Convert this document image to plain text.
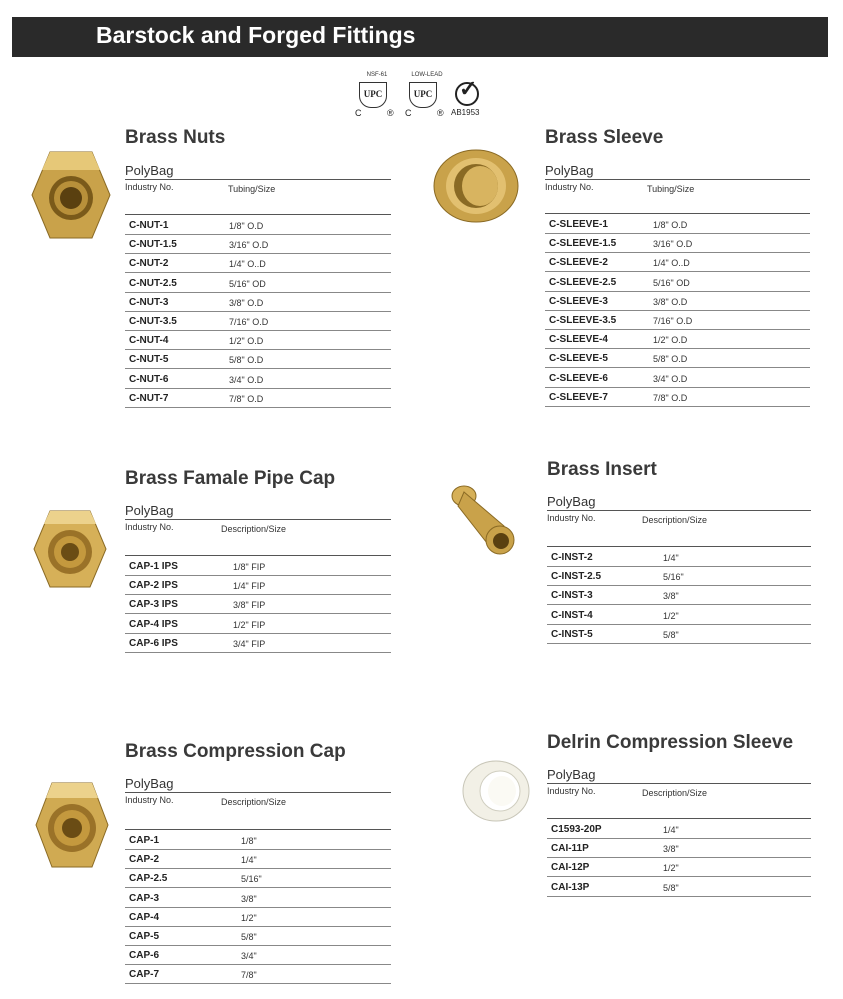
Barstock and Forged Fittings
NSF-61
UPC
C	®
LOW-LEAD
UPC
C	®
✓
AB1953
Brass Nuts
PolyBag
Industry No.	Tubing/Size
C-NUT-1	1/8" O.D
C-NUT-1.5	3/16" O.D
C-NUT-2	1/4" O..D
C-NUT-2.5	5/16" OD
C-NUT-3	3/8" O.D
C-NUT-3.5	7/16" O.D
C-NUT-4	1/2" O.D
C-NUT-5	5/8" O.D
C-NUT-6	3/4" O.D
C-NUT-7	7/8" O.D
Brass Sleeve
PolyBag
Industry No.	Tubing/Size
C-SLEEVE-1	1/8" O.D
C-SLEEVE-1.5	3/16" O.D
C-SLEEVE-2	1/4" O..D
C-SLEEVE-2.5	5/16" OD
C-SLEEVE-3	3/8" O.D
C-SLEEVE-3.5	7/16" O.D
C-SLEEVE-4	1/2" O.D
C-SLEEVE-5	5/8" O.D
C-SLEEVE-6	3/4" O.D
C-SLEEVE-7	7/8" O.D
Brass Famale Pipe Cap
PolyBag
Industry No.	Description/Size
CAP-1 IPS	1/8" FIP
CAP-2 IPS	1/4" FIP
CAP-3 IPS	3/8" FIP
CAP-4 IPS	1/2" FIP
CAP-6 IPS	3/4" FIP
Brass Insert
PolyBag
Industry No.	Description/Size
C-INST-2	1/4"
C-INST-2.5	5/16"
C-INST-3	3/8"
C-INST-4	1/2"
C-INST-5	5/8"
Brass Compression Cap
PolyBag
Industry No.	Description/Size
CAP-1	1/8"
CAP-2	1/4"
CAP-2.5	5/16"
CAP-3	3/8"
CAP-4	1/2"
CAP-5	5/8"
CAP-6	3/4"
CAP-7	7/8"
Delrin Compression Sleeve
PolyBag
Industry No.	Description/Size
C1593-20P	1/4"
CAI-11P	3/8"
CAI-12P	1/2"
CAI-13P	5/8"
